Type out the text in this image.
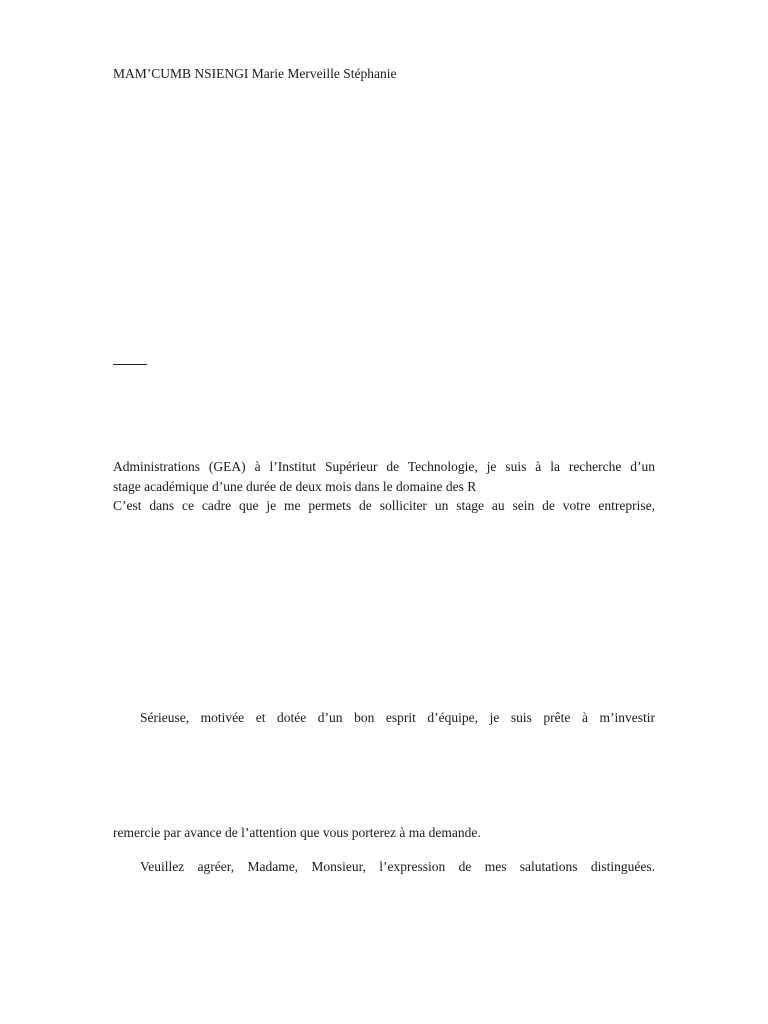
MAM’CUMB NSIENGI Marie Merveille Stéphanie
Administrations (GEA) à l’Institut Supérieur de Technologie, je suis à la recherche d’un
stage académique d’une durée de deux mois dans le domaine des R
C’est dans ce cadre que je me permets de solliciter un stage au sein de votre entreprise,
Sérieuse, motivée et dotée d’un bon esprit d’équipe, je suis prête à m’investir
remercie par avance de l’attention que vous porterez à ma demande.
Veuillez agréer, Madame, Monsieur, l’expression de mes salutations distinguées.
